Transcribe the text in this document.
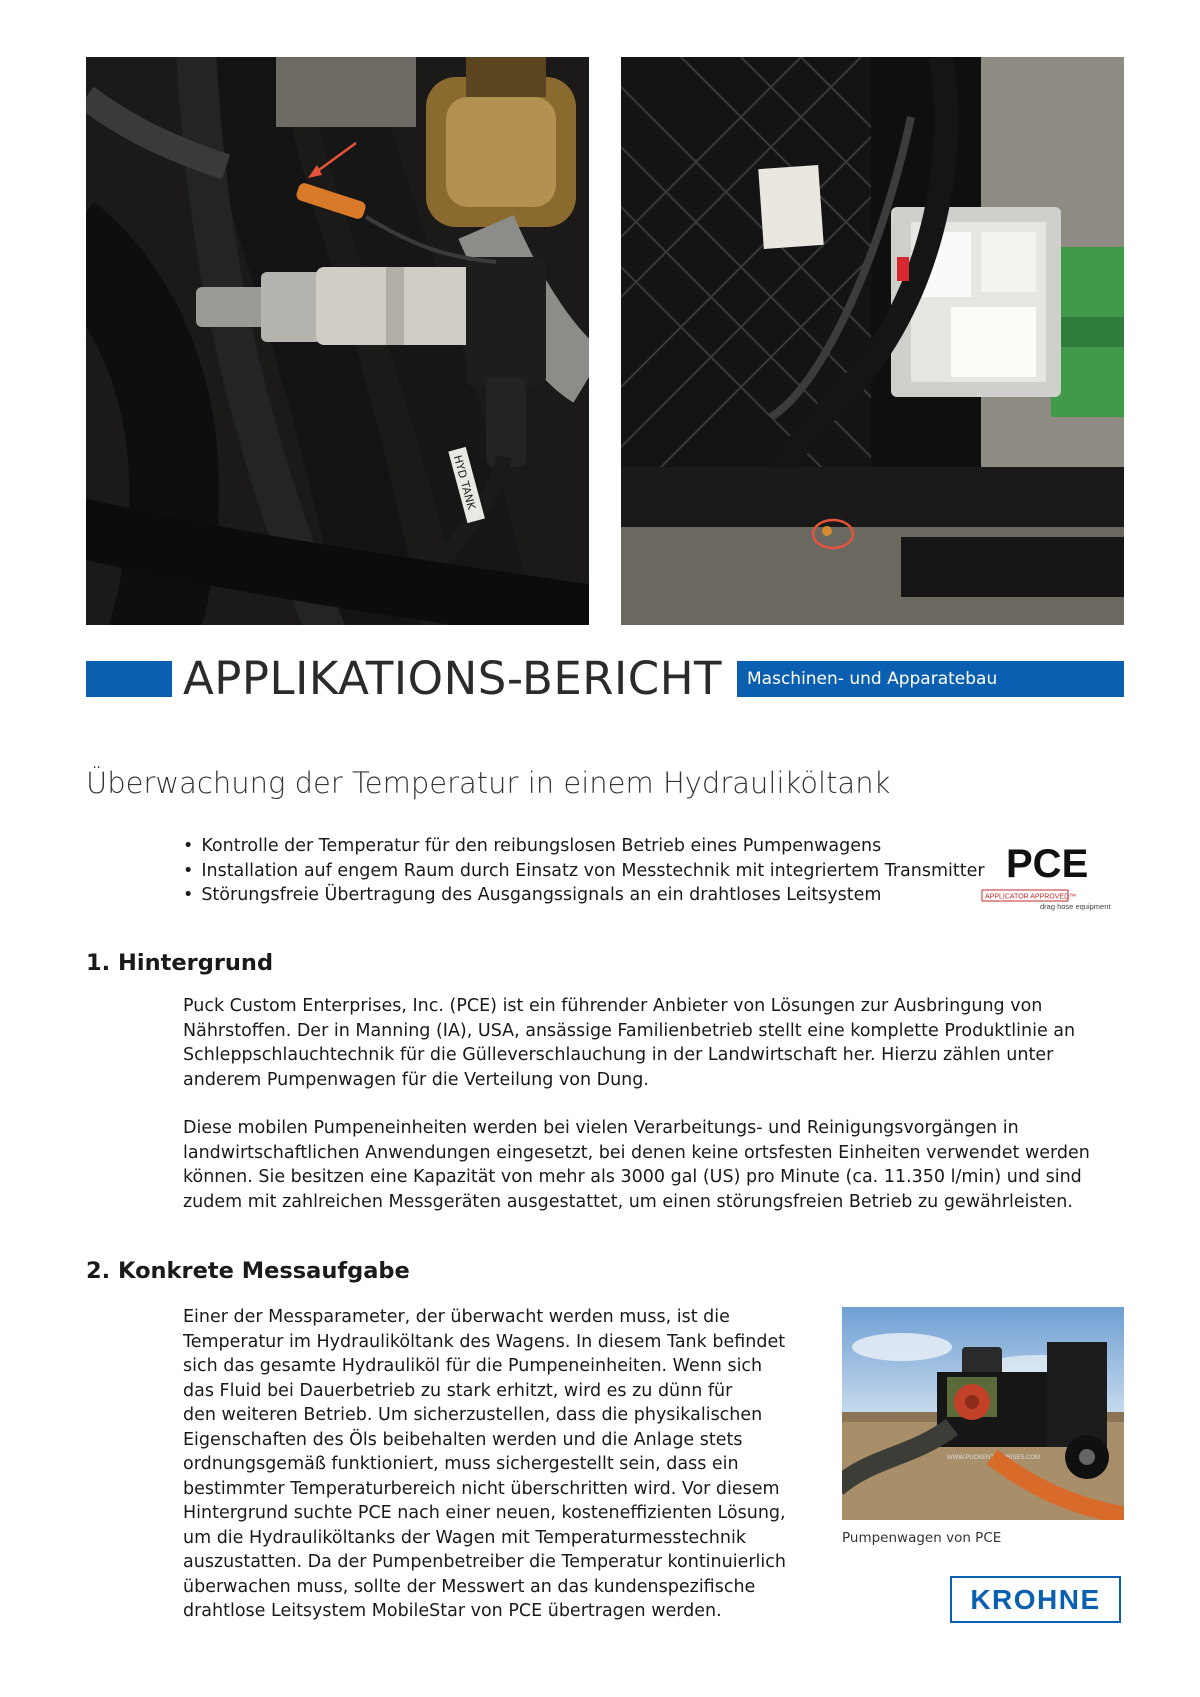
HYD TANK
APPLIKATIONS-BERICHT Maschinen- und Apparatebau
Überwachung der Temperatur in einem Hydrauliköltank
• Kontrolle der Temperatur für den reibungslosen Betrieb eines Pumpenwagens
• Installation auf engem Raum durch Einsatz von Messtechnik mit integriertem Transmitter
• Störungsfreie Übertragung des Ausgangssignals an ein drahtloses Leitsystem
PCE
APPLICATOR APPROVED™
drag hose equipment
1. Hintergrund

Puck Custom Enterprises, Inc. (PCE) ist ein führender Anbieter von Lösungen zur Ausbringung von
Nährstoffen. Der in Manning (IA), USA, ansässige Familienbetrieb stellt eine komplette Produktlinie an
Schleppschlauchtechnik für die Gülleverschlauchung in der Landwirtschaft her. Hierzu zählen unter
anderem Pumpenwagen für die Verteilung von Dung.

Diese mobilen Pumpeneinheiten werden bei vielen Verarbeitungs- und Reinigungsvorgängen in
landwirtschaftlichen Anwendungen eingesetzt, bei denen keine ortsfesten Einheiten verwendet werden
können. Sie besitzen eine Kapazität von mehr als 3000 gal (US) pro Minute (ca. 11.350 l/min) und sind
zudem mit zahlreichen Messgeräten ausgestattet, um einen störungsfreien Betrieb zu gewährleisten.

2. Konkrete Messaufgabe

Einer der Messparameter, der überwacht werden muss, ist die
Temperatur im Hydrauliköltank des Wagens. In diesem Tank befindet
sich das gesamte Hydrauliköl für die Pumpeneinheiten. Wenn sich
das Fluid bei Dauerbetrieb zu stark erhitzt, wird es zu dünn für
den weiteren Betrieb. Um sicherzustellen, dass die physikalischen
Eigenschaften des Öls beibehalten werden und die Anlage stets
ordnungsgemäß funktioniert, muss sichergestellt sein, dass ein
bestimmter Temperaturbereich nicht überschritten wird. Vor diesem
Hintergrund suchte PCE nach einer neuen, kosteneffizienten Lösung,
um die Hydrauliköltanks der Wagen mit Temperaturmesstechnik
auszustatten. Da der Pumpenbetreiber die Temperatur kontinuierlich
überwachen muss, sollte der Messwert an das kundenspezifische
drahtlose Leitsystem MobileStar von PCE übertragen werden.

WWW.PUCKENTERPRISES.COM
Pumpenwagen von PCE
KROHNE
